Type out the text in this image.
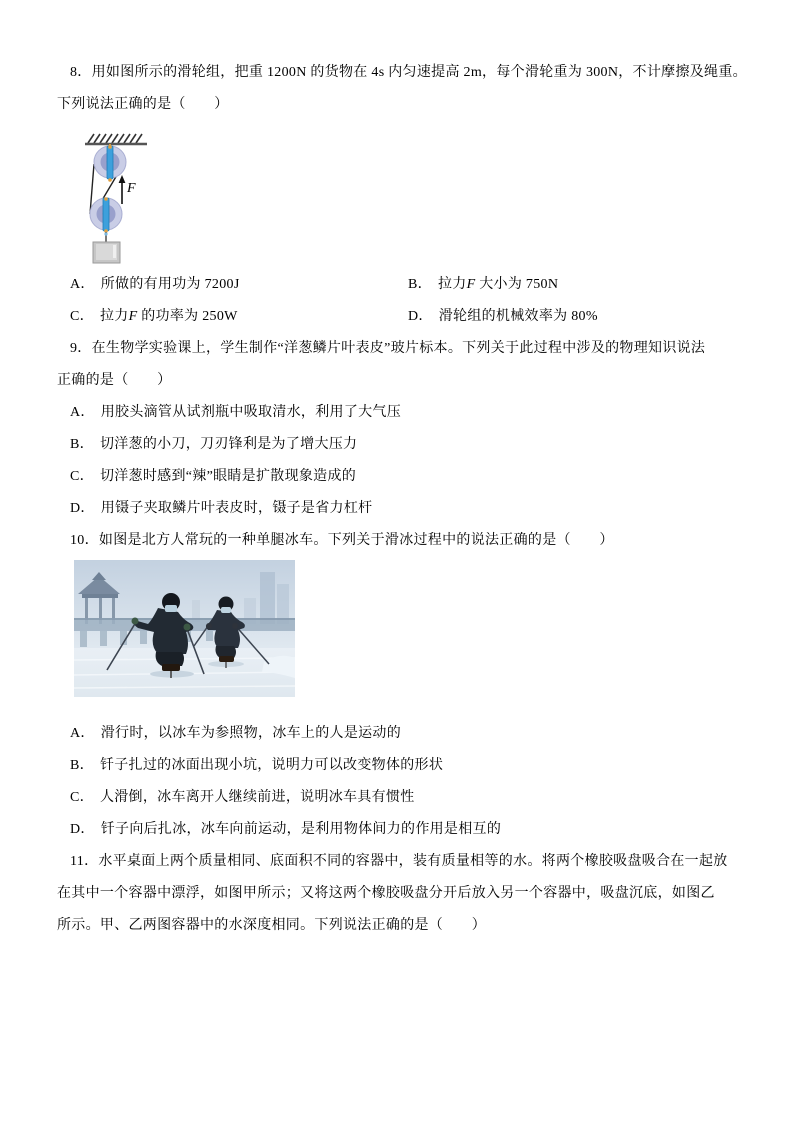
8．用如图所示的滑轮组，把重 1200N 的货物在 4s 内匀速提高 2m，每个滑轮重为 300N，不计摩擦及绳重。
下列说法正确的是（　　）
F
A． 所做的有用功为 7200J	B． 拉力F 大小为 750N
C． 拉力F 的功率为 250W	D． 滑轮组的机械效率为 80%
9．在生物学实验课上，学生制作“洋葱鳞片叶表皮”玻片标本。下列关于此过程中涉及的物理知识说法
正确的是（　　）
A． 用胶头滴管从试剂瓶中吸取清水，利用了大气压
B． 切洋葱的小刀，刀刃锋利是为了增大压力
C． 切洋葱时感到“辣”眼睛是扩散现象造成的
D． 用镊子夹取鳞片叶表皮时，镊子是省力杠杆
10．如图是北方人常玩的一种单腿冰车。下列关于滑冰过程中的说法正确的是（　　）
A． 滑行时，以冰车为参照物，冰车上的人是运动的
B． 钎子扎过的冰面出现小坑，说明力可以改变物体的形状
C． 人滑倒，冰车离开人继续前进，说明冰车具有惯性
D． 钎子向后扎冰，冰车向前运动，是利用物体间力的作用是相互的
11．水平桌面上两个质量相同、底面积不同的容器中，装有质量相等的水。将两个橡胶吸盘吸合在一起放
在其中一个容器中漂浮，如图甲所示；又将这两个橡胶吸盘分开后放入另一个容器中，吸盘沉底，如图乙
所示。甲、乙两图容器中的水深度相同。下列说法正确的是（　　）
